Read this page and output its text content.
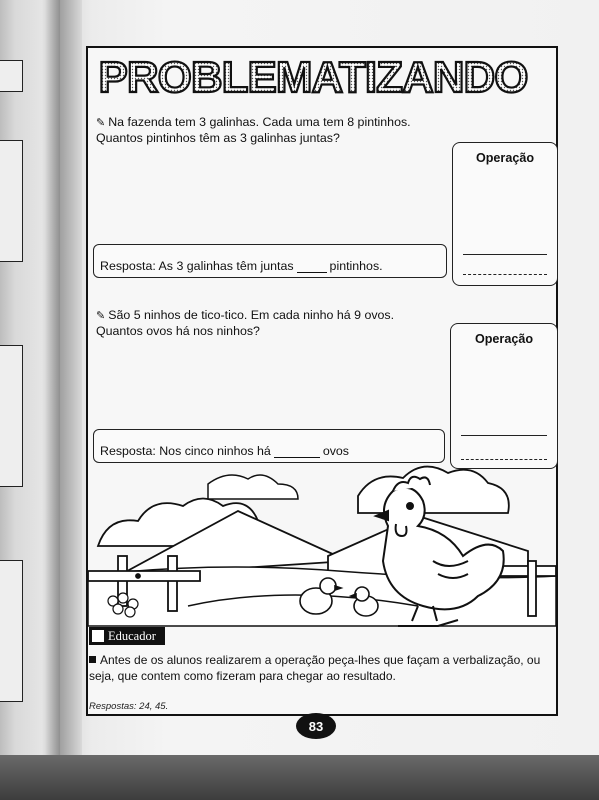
PROBLEMATIZANDO
✎ Na fazenda tem 3 galinhas. Cada uma tem 8 pintinhos.
Quantos pintinhos têm as 3 galinhas juntas?
Resposta: As 3 galinhas têm juntas	pintinhos.
Operação
✎ São 5 ninhos de tico-tico. Em cada ninho há 9 ovos.
Quantos ovos há nos ninhos?
Resposta: Nos cinco ninhos há	ovos
Operação
Educador
Antes de os alunos realizarem a operação peça-lhes que façam a verbalização, ou seja, que contem como fizeram para chegar ao resultado.
Respostas: 24, 45.
83
